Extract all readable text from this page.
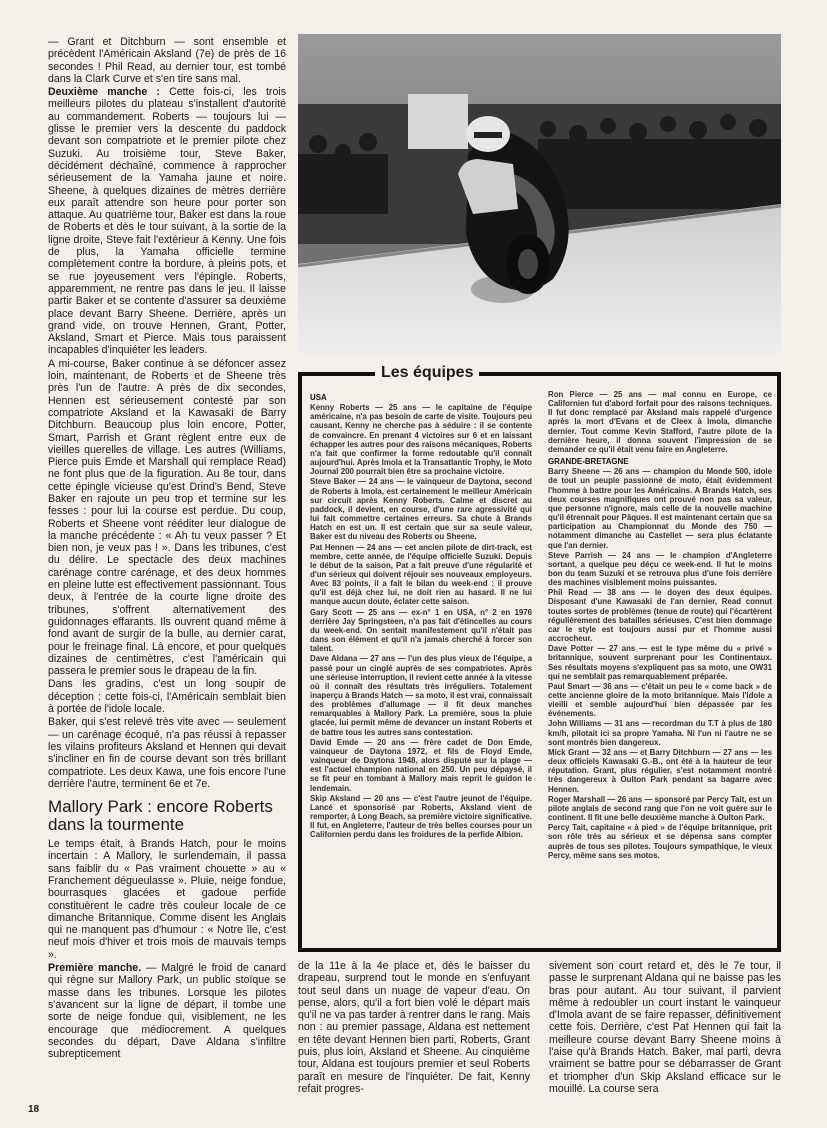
— Grant et Ditchburn — sont ensemble et précèdent l'Américain Aksland (7e) de près de 16 secondes ! Phil Read, au dernier tour, est tombé dans la Clark Curve et s'en tire sans mal.

Deuxième manche : Cette fois-ci, les trois meilleurs pilotes du plateau s'installent d'autorité au commandement. Roberts — toujours lui — glisse le premier vers la descente du paddock devant son compatriote et le premier pilote chez Suzuki. Au troisième tour, Steve Baker, décidément déchaîné, commence à rapprocher sérieusement de la Yamaha jaune et noire. Sheene, à quelques dizaines de mètres derrière eux paraît attendre son heure pour porter son attaque. Au quatrième tour, Baker est dans la roue de Roberts et dès le tour suivant, à la sortie de la ligne droite, Steve fait l'extérieur à Kenny. Une fois de plus, la Yamaha officielle termine complètement contre la bordure, à pleins pots, et se rue joyeusement vers l'épingle. Roberts, apparemment, ne rentre pas dans le jeu. Il laisse partir Baker et se contente d'assurer sa deuxième place devant Barry Sheene. Derrière, après un grand vide, on trouve Hennen, Grant, Potter, Aksland, Smart et Pierce. Mais tous paraissent incapables d'inquiéter les leaders.

A mi-course, Baker continue à se défoncer assez loin, maintenant, de Roberts et de Sheene très près l'un de l'autre. A près de dix secondes, Hennen est sérieusement contesté par son compatriote Aksland et la Kawasaki de Barry Ditchburn. Beaucoup plus loin encore, Potter, Smart, Parrish et Grant règlent entre eux de vieilles querelles de village. Les autres (Williams, Pierce puis Emde et Marshall qui remplace Read) ne font plus que de la figuration. Au 8e tour, dans cette épingle vicieuse qu'est Drind's Bend, Steve Baker en rajoute un peu trop et termine sur les fesses : pour lui la course est perdue. Du coup, Roberts et Sheene vont rééditer leur dialogue de la manche précédente : « Ah tu veux passer ? Et bien non, je veux pas ! ». Dans les tribunes, c'est du délire. Le spectacle des deux machines carénage contre carénage, et des deux hommes en pleine lutte est effectivement passionnant. Tous deux, à l'entrée de la courte ligne droite des tribunes, s'offrent alternativement des guidonnages effarants. Ils ouvrent quand même à fond avant de surgir de la bulle, au dernier carat, pour le freinage final. Là encore, et pour quelques dizaines de centimètres, c'est l'américain qui passera le premier sous le drapeau de la fin.

Dans les gradins, c'est un long soupir de déception : cette fois-ci, l'Américain semblait bien à portée de l'idole locale.

Baker, qui s'est relevé très vite avec — seulement — un carénage écoqué, n'a pas réussi à repasser les vilains profiteurs Aksland et Hennen qui devait s'incliner en fin de course devant son très brillant compatriote. Les deux Kawa, une fois encore l'une derrière l'autre, terminent 6e et 7e.

Mallory Park : encore Roberts dans la tourmente

Le temps était, à Brands Hatch, pour le moins incertain : A Mallory, le surlendemain, il passa sans faiblir du « Pas vraiment chouette » au « Franchement dégueulasse ». Pluie, neige fondue, bourrasques glacées et gadoue perfide constituèrent le cadre très couleur locale de ce dimanche Britannique. Comme disent les Anglais qui ne manquent pas d'humour : « Notre île, c'est neuf mois d'hiver et trois mois de mauvais temps ».

Première manche. — Malgré le froid de canard qui règne sur Mallory Park, un public stoïque se masse dans les tribunes. Lorsque les pilotes s'avancent sur la ligne de départ, il tombe une sorte de neige fondue qui, visiblement, ne les encourage que médiocrement. A quelques secondes du départ, Dave Aldana s'infiltre subrepticement

Les équipes

USA

Kenny Roberts — 25 ans — le capitaine de l'équipe américaine, n'a pas besoin de carte de visite. Toujours peu causant, Kenny ne cherche pas à séduire : il se contente de convaincre. En prenant 4 victoires sur 6 et en laissant échapper les autres pour des raisons mécaniques, Roberts n'a fait que confirmer la forme redoutable qu'il connaît aujourd'hui. Après Imola et la Transatlantic Trophy, le Moto Journal 200 pourrait bien être sa prochaine victoire.

Steve Baker — 24 ans — le vainqueur de Daytona, second de Roberts à Imola, est certainement le meilleur Américain sur circuit après Kenny Roberts. Calme et discret au paddock, il devient, en course, d'une rare agressivité qui lui fait commettre certaines erreurs. Sa chute à Brands Hatch en est un. Il est certain que sur sa seule valeur, Baker est du niveau des Roberts ou Sheene.

Pat Hennen — 24 ans — cet ancien pilote de dirt-track, est membre, cette année, de l'équipe officielle Suzuki. Depuis le début de la saison, Pat a fait preuve d'une régularité et d'un sérieux qui doivent réjouir ses nouveaux employeurs. Avec 83 points, il a fait le bilan du week-end : il prouve qu'il est déjà chez lui, ne doit rien au hasard. Il ne lui manque aucun doute, éclater cette saison.

Gary Scott — 25 ans — ex-n° 1 en USA, n° 2 en 1976 derrière Jay Springsteen, n'a pas fait d'étincelles au cours du week-end. On sentait manifestement qu'il n'était pas dans son élément et qu'il n'a jamais cherché à forcer son talent.

Dave Aldana — 27 ans — l'un des plus vieux de l'équipe, a passé pour un cinglé auprès de ses compatriotes. Après une sérieuse interruption, il revient cette année à la vitesse où il connaît des résultats très irréguliers. Totalement inaperçu à Brands Hatch — sa moto, il est vrai, connaissait des problèmes d'allumage — il fit deux manches remarquables à Mallory Park. La première, sous la pluie glacée, lui permit même de devancer un instant Roberts et de battre tous les autres sans contestation.

David Emde — 20 ans — frère cadet de Don Emde, vainqueur de Daytona 1972, et fils de Floyd Emde, vainqueur de Daytona 1948, alors disputé sur la plage — est l'actuel champion national en 250. Un peu dépaysé, il se fit peur en tombant à Mallory mais reprit le guidon le lendemain.

Skip Aksland — 20 ans — c'est l'autre jeunot de l'équipe. Lancé et sponsorisé par Roberts, Aksland vient de remporter, à Long Beach, sa première victoire significative. Il fut, en Angleterre, l'auteur de très belles courses pour un Californien perdu dans les froidures de la perfide Albion.

Ron Pierce — 25 ans — mal connu en Europe, ce Californien fut d'abord forfait pour des raisons techniques. Il fut donc remplacé par Aksland mais rappelé d'urgence après la mort d'Evans et de Cleex à Imola, dimanche dernier. Tout comme Kevin Stafford, l'autre pilote de la dernière heure, il donna souvent l'impression de se demander ce qu'il était venu faire en Angleterre.

GRANDE-BRETAGNE

Barry Sheene — 26 ans — champion du Monde 500, idole de tout un peuple passionné de moto, était évidemment l'homme à battre pour les Américains. A Brands Hatch, ses deux courses magnifiques ont prouvé non pas sa valeur, que personne n'ignore, mais celle de la nouvelle machine qu'il étrennait pour Pâques. Il est maintenant certain que sa participation au Championnat du Monde des 750 — notamment dimanche au Castellet — sera plus éclatante que l'an dernier.

Steve Parrish — 24 ans — le champion d'Angleterre sortant, a quelque peu déçu ce week-end. Il fut le moins bon du team Suzuki et se retrouva plus d'une fois derrière des machines visiblement moins puissantes.

Phil Read — 38 ans — le doyen des deux équipes. Disposant d'une Kawasaki de l'an dernier, Read connut toutes sortes de problèmes (tenue de route) qui l'écartèrent régulièrement des batailles sérieuses. C'est bien dommage car le style est toujours aussi pur et l'homme aussi accrocheur.

Dave Potter — 27 ans — est le type même du « privé » britannique, souvent surprenant pour les Continentaux. Ses résultats moyens s'expliquent pas sa moto, une OW31 qui ne semblait pas remarquablement préparée.

Paul Smart — 36 ans — c'était un peu le « come back » de cette ancienne gloire de la moto britannique. Mais l'idole a vieilli et semble aujourd'hui bien dépassée par les événements.

John Williams — 31 ans — recordman du T.T à plus de 180 km/h, pilotait ici sa propre Yamaha. Ni l'un ni l'autre ne se sont montrés bien dangereux.

Mick Grant — 32 ans — et Barry Ditchburn — 27 ans — les deux officiels Kawasaki G.-B., ont été à la hauteur de leur réputation. Grant, plus régulier, s'est notamment montré très dangereux à Oulton Park pendant sa bagarre avec Hennen.

Roger Marshall — 26 ans — sponsoré par Percy Tait, est un pilote anglais de second rang que l'on ne voit guère sur le continent. Il fit une belle deuxième manche à Oulton Park.

Percy Tait, capitaine « à pied » de l'équipe britannique, prit son rôle très au sérieux et se dépensa sans compter auprès de tous ses pilotes. Toujours sympathique, le vieux Percy, même sans ses motos.

de la 11e à la 4e place et, dès le baisser du drapeau, surprend tout le monde en s'enfuyant tout seul dans un nuage de vapeur d'eau. On pense, alors, qu'il a fort bien volé le départ mais qu'il ne va pas tarder à rentrer dans le rang. Mais non : au premier passage, Aldana est nettement en tête devant Hennen bien parti, Roberts, Grant puis, plus loin, Aksland et Sheene. Au cinquième tour, Aldana est toujours premier et seul Roberts paraît en mesure de l'inquiéter. De fait, Kenny refait progres-

sivement son court retard et, dès le 7e tour, il passe le surprenant Aldana qui ne baisse pas les bras pour autant. Au tour suivant, il parvient même à redoubler un court instant le vainqueur d'Imola avant de se faire repasser, définitivement cette fois. Derrière, c'est Pat Hennen qui fait la meilleure course devant Barry Sheene moins à l'aise qu'à Brands Hatch. Baker, mal parti, devra vraiment se battre pour se débarrasser de Grant et triompher d'un Skip Aksland efficace sur le mouillé. La course sera

18
